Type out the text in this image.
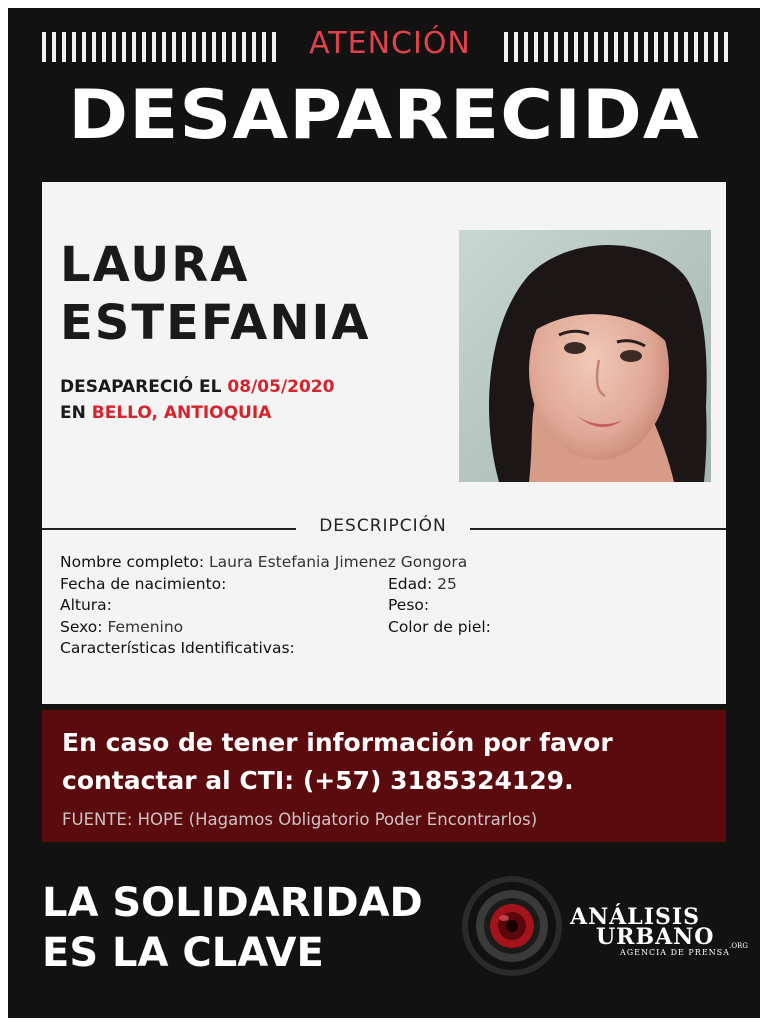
ATENCIÓN
DESAPARECIDA
LAURA
ESTEFANIA
DESAPARECIÓ EL 08/05/2020
EN BELLO, ANTIOQUIA
DESCRIPCIÓN
Nombre completo: Laura Estefania Jimenez Gongora
Fecha de nacimiento:	Edad: 25
Altura:	Peso:
Sexo: Femenino	Color de piel:
Características Identificativas:
En caso de tener información por favor
contactar al CTI: (+57) 3185324129.
FUENTE: HOPE (Hagamos Obligatorio Poder Encontrarlos)
LA SOLIDARIDAD
ES LA CLAVE
ANÁLISIS
URBANO .ORG
AGENCIA DE PRENSA
